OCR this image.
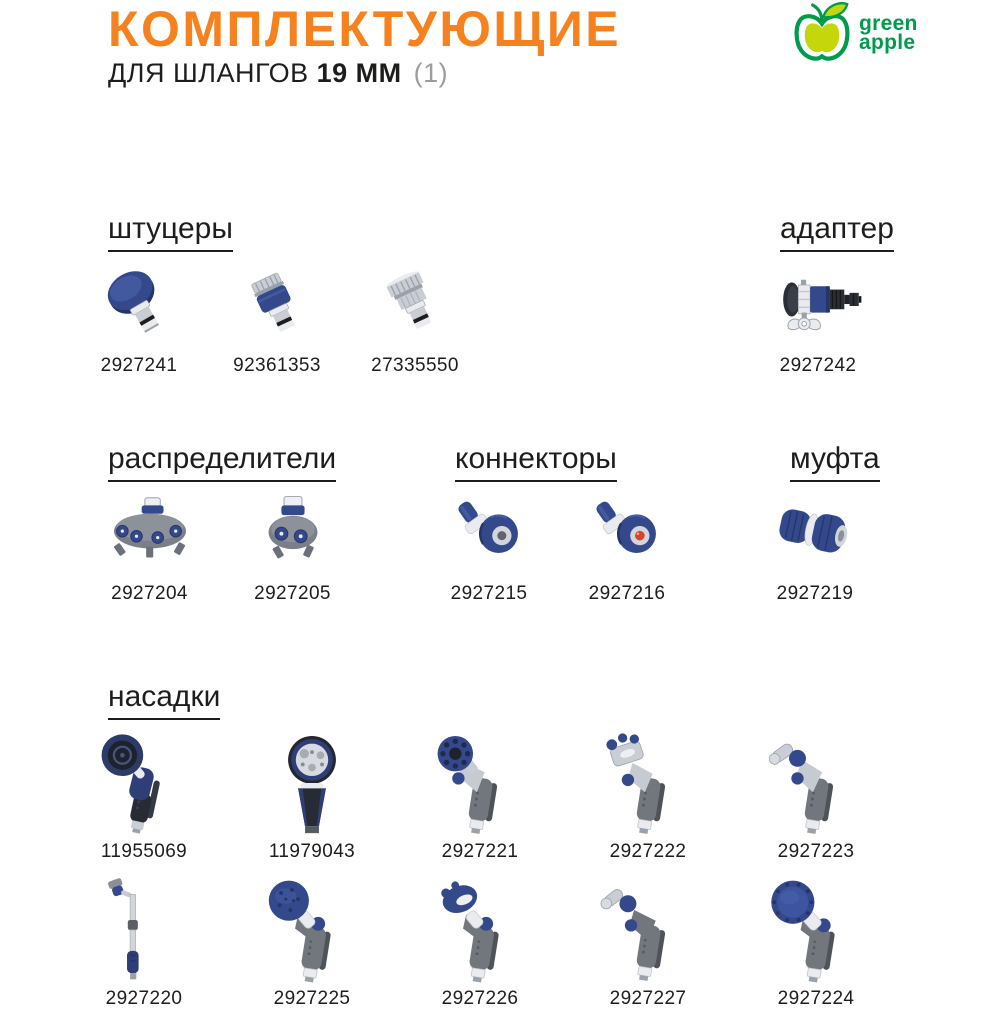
КОМПЛЕКТУЮЩИЕ
ДЛЯ ШЛАНГОВ 19 ММ (1)
green
apple
штуцеры

2927241	92361353	27335550
адаптер

2927242
распределители

2927204	2927205
коннекторы

2927215	2927216
муфта

2927219
насадки

11955069	11979043	2927221	2927222	2927223
2927220	2927225	2927226	2927227	2927224
